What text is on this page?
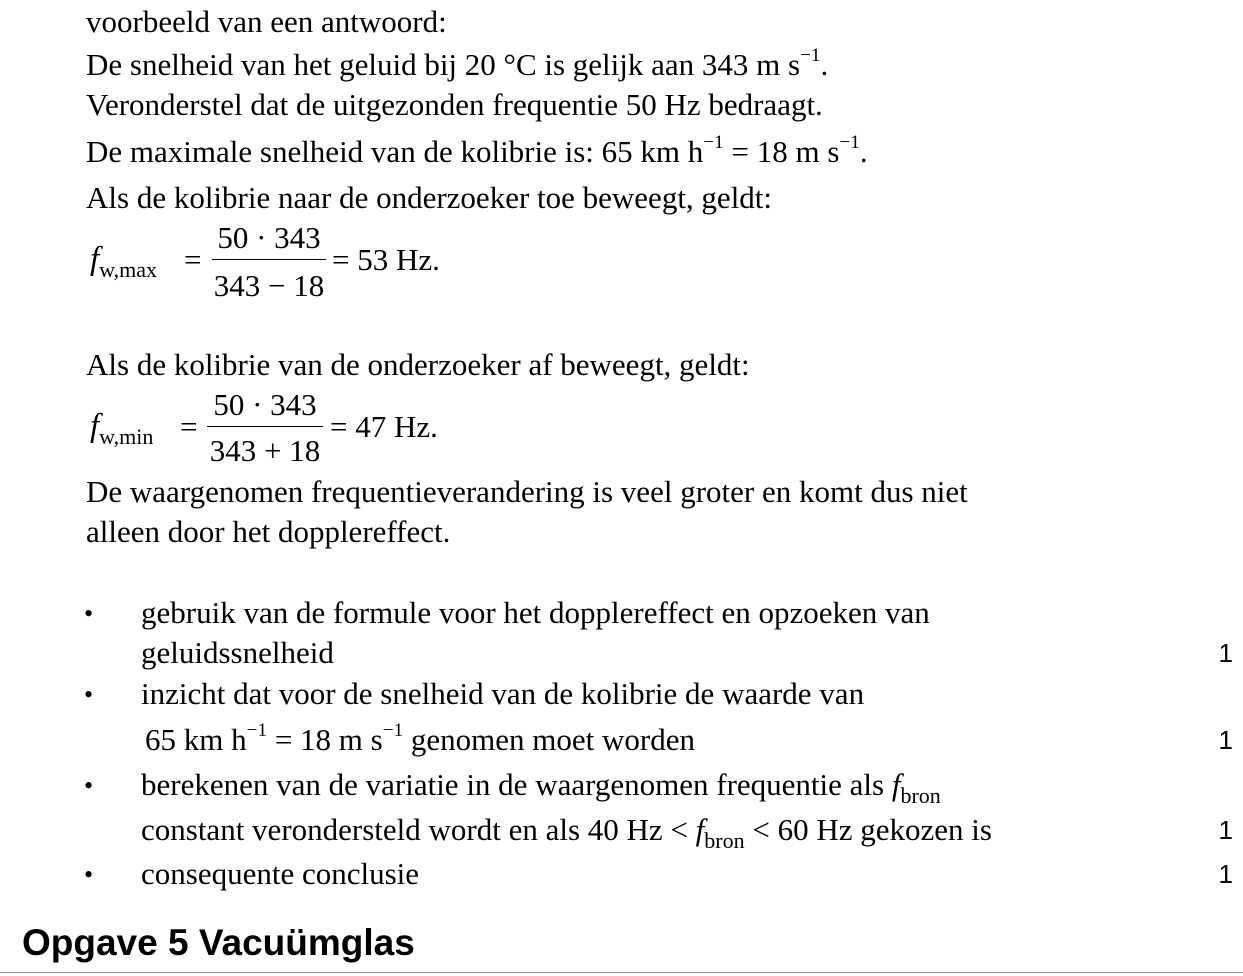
voorbeeld van een antwoord:
De snelheid van het geluid bij 20 °C is gelijk aan 343 m $s^{-1}$.
Veronderstel dat de uitgezonden frequentie 50 Hz bedraagt.
De maximale snelheid van de kolibrie is: 65 km $h^{-1} = 18$ m $s^{-1}$.
Als de kolibrie naar de onderzoeker toe beweegt, geldt:
$f_{w,max}$ =
50 · 343
343 − 18
= 53 Hz.
Als de kolibrie van de onderzoeker af beweegt, geldt:
$f_{w,min}$ =
50 · 343
343 + 18
= 47 Hz.
De waargenomen frequentieverandering is veel groter en komt dus niet
alleen door het dopplereffect.
• gebruik van de formule voor het dopplereffect en opzoeken van
geluidssnelheid	1
• inzicht dat voor de snelheid van de kolibrie de waarde van
65 km $h^{-1} = 18$ m $s^{-1}$ genomen moet worden	1
• berekenen van de variatie in de waargenomen frequentie als $f_{bron}$
constant verondersteld wordt en als 40 $Hz < f_{bron} < 60$ Hz gekozen is	1
• consequente conclusie	1
Opgave 5 Vacuümglas
